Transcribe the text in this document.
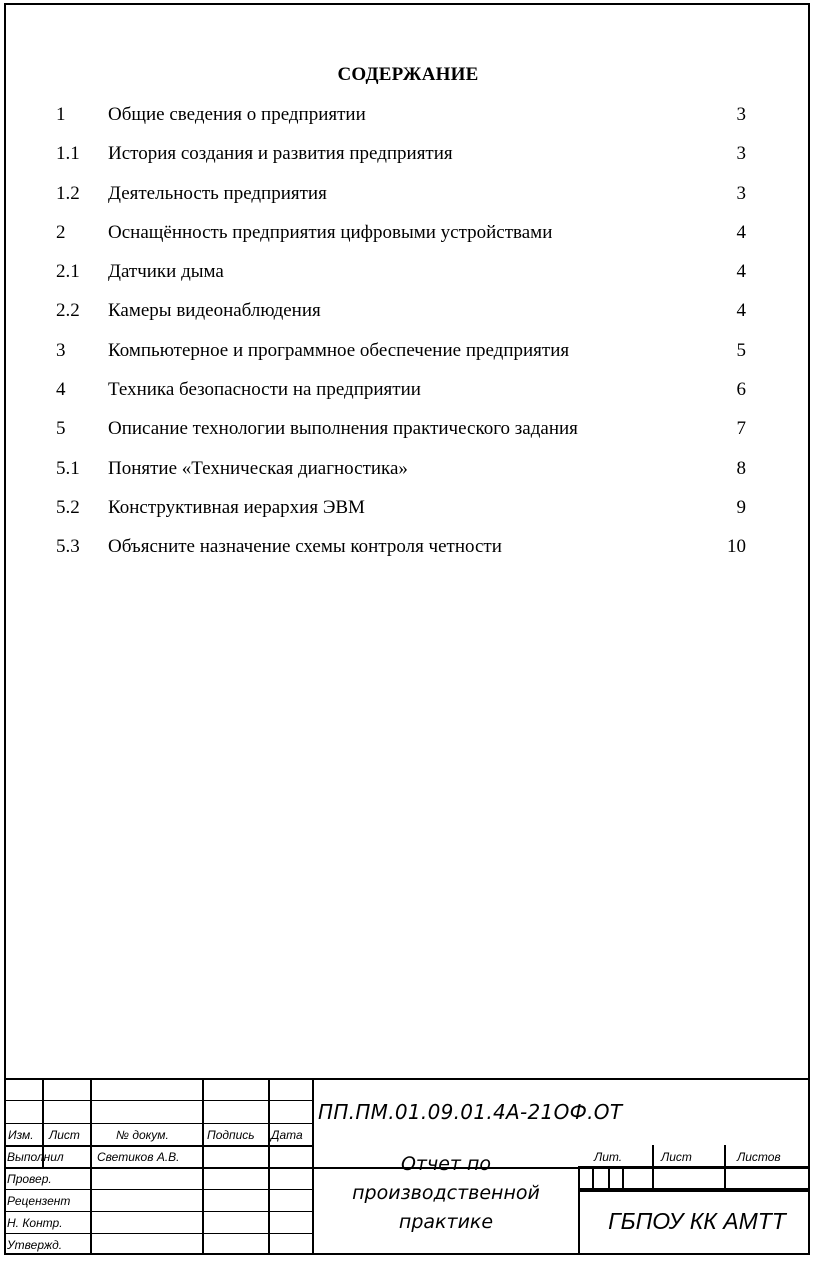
СОДЕРЖАНИЕ
1 Общие сведения о предприятии	3
1.1 История создания и развития предприятия	3
1.2 Деятельность предприятия	3
2 Оснащённость предприятия цифровыми устройствами	4
2.1 Датчики дыма	4
2.2 Камеры видеонаблюдения	4
3 Компьютерное и программное обеспечение предприятия	5
4 Техника безопасности на предприятии	6
5 Описание технологии выполнения практического задания	7
5.1 Понятие «Техническая диагностика»	8
5.2 Конструктивная иерархия ЭВМ	9
5.3 Объясните назначение схемы контроля четности	10
Изм. Лист	№ докум.	Подпись Дата
Выполнил	Светиков А.В.
Провер.
Рецензент
Н. Контр.
Утвержд.
ПП.ПМ.01.09.01.4А-21ОФ.ОТ
Отчет по
производственной
практике
Лит.	Лист	Листов
ГБПОУ КК АМТТ
